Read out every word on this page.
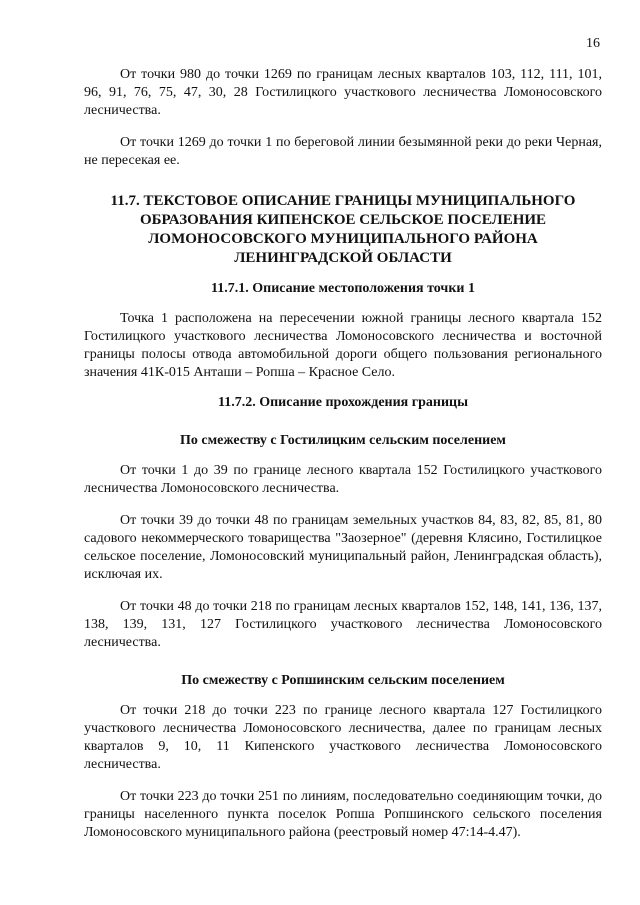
16

От точки 980 до точки 1269 по границам лесных кварталов 103, 112, 111, 101, 96, 91, 76, 75, 47, 30, 28 Гостилицкого участкового лесничества Ломоносовского лесничества.

От точки 1269 до точки 1 по береговой линии безымянной реки до реки Черная, не пересекая ее.

11.7. ТЕКСТОВОЕ ОПИСАНИЕ ГРАНИЦЫ МУНИЦИПАЛЬНОГО ОБРАЗОВАНИЯ КИПЕНСКОЕ СЕЛЬСКОЕ ПОСЕЛЕНИЕ ЛОМОНОСОВСКОГО МУНИЦИПАЛЬНОГО РАЙОНА ЛЕНИНГРАДСКОЙ ОБЛАСТИ

11.7.1. Описание местоположения точки 1

Точка 1 расположена на пересечении южной границы лесного квартала 152 Гостилицкого участкового лесничества Ломоносовского лесничества и восточной границы полосы отвода автомобильной дороги общего пользования регионального значения 41К-015 Анташи – Ропша – Красное Село.

11.7.2. Описание прохождения границы

По смежеству с Гостилицким сельским поселением

От точки 1 до 39 по границе лесного квартала 152 Гостилицкого участкового лесничества Ломоносовского лесничества.

От точки 39 до точки 48 по границам земельных участков 84, 83, 82, 85, 81, 80 садового некоммерческого товарищества "Заозерное" (деревня Клясино, Гостилицкое сельское поселение, Ломоносовский муниципальный район, Ленинградская область), исключая их.

От точки 48 до точки 218 по границам лесных кварталов 152, 148, 141, 136, 137, 138, 139, 131, 127 Гостилицкого участкового лесничества Ломоносовского лесничества.

По смежеству с Ропшинским сельским поселением

От точки 218 до точки 223 по границе лесного квартала 127 Гостилицкого участкового лесничества Ломоносовского лесничества, далее по границам лесных кварталов 9, 10, 11 Кипенского участкового лесничества Ломоносовского лесничества.

От точки 223 до точки 251 по линиям, последовательно соединяющим точки, до границы населенного пункта поселок Ропша Ропшинского сельского поселения Ломоносовского муниципального района (реестровый номер 47:14-4.47).
